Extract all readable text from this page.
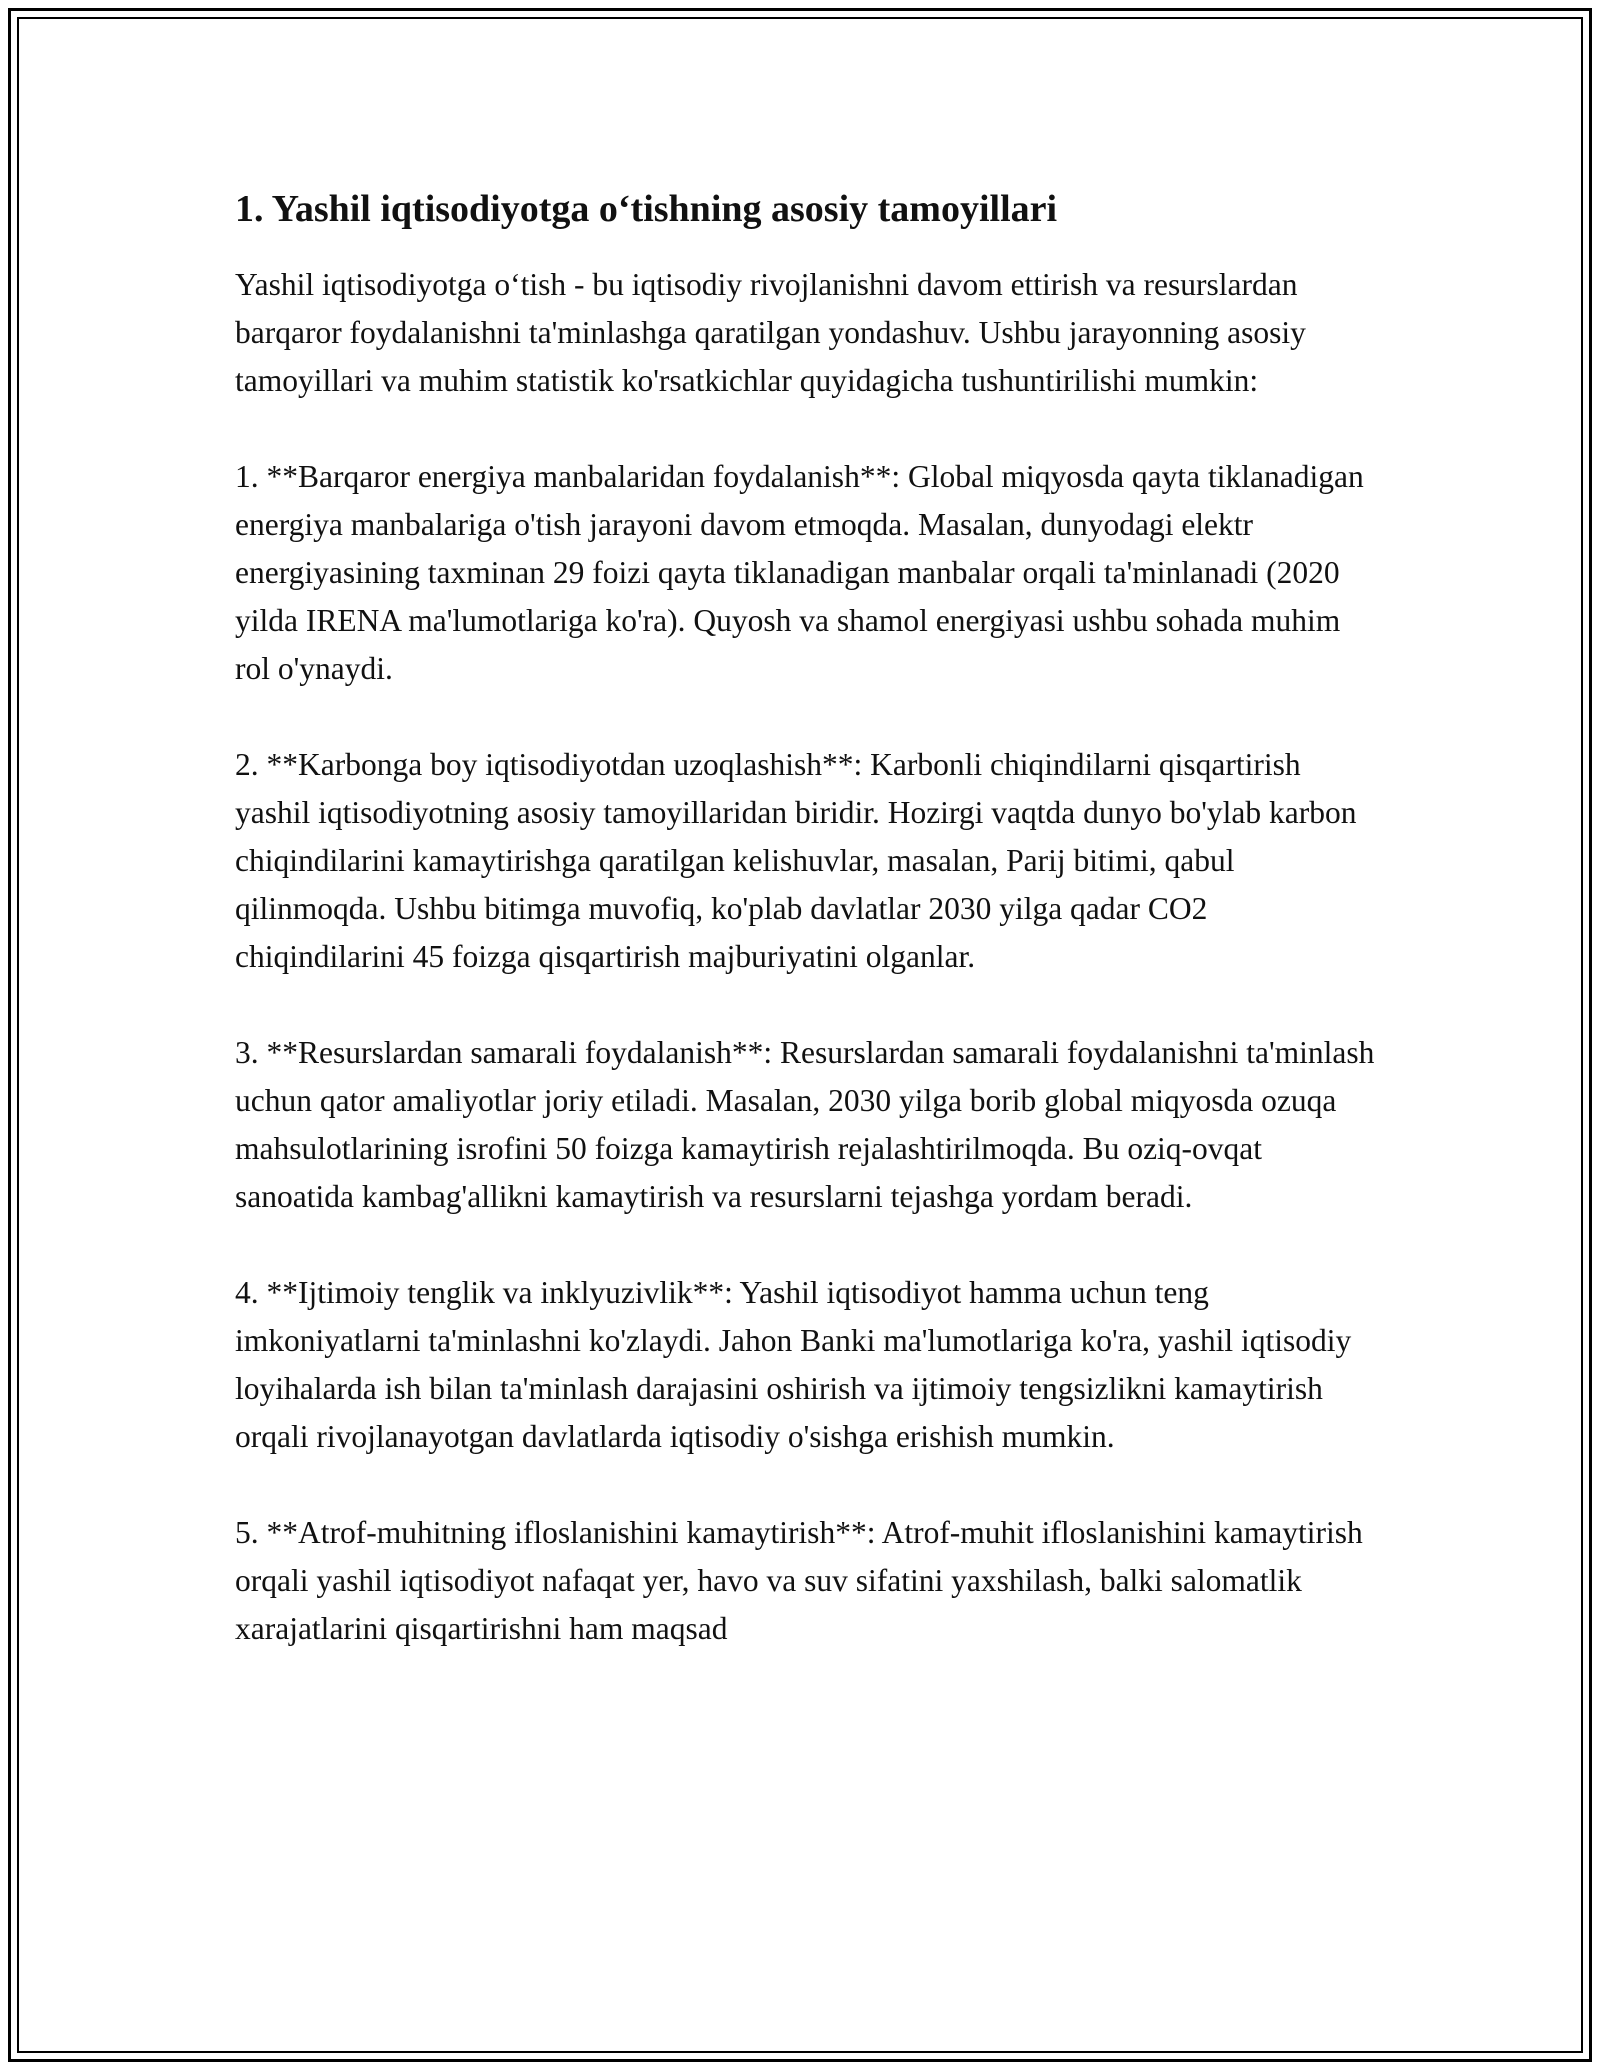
1. Yashil iqtisodiyotga o‘tishning asosiy tamoyillari

Yashil iqtisodiyotga o‘tish - bu iqtisodiy rivojlanishni davom ettirish va resurslardan barqaror foydalanishni ta'minlashga qaratilgan yondashuv. Ushbu jarayonning asosiy tamoyillari va muhim statistik ko'rsatkichlar quyidagicha tushuntirilishi mumkin:

1. **Barqaror energiya manbalaridan foydalanish**: Global miqyosda qayta tiklanadigan energiya manbalariga o'tish jarayoni davom etmoqda. Masalan, dunyodagi elektr energiyasining taxminan 29 foizi qayta tiklanadigan manbalar orqali ta'minlanadi (2020 yilda IRENA ma'lumotlariga ko'ra). Quyosh va shamol energiyasi ushbu sohada muhim rol o'ynaydi.

2. **Karbonga boy iqtisodiyotdan uzoqlashish**: Karbonli chiqindilarni qisqartirish yashil iqtisodiyotning asosiy tamoyillaridan biridir. Hozirgi vaqtda dunyo bo'ylab karbon chiqindilarini kamaytirishga qaratilgan kelishuvlar, masalan, Parij bitimi, qabul qilinmoqda. Ushbu bitimga muvofiq, ko'plab davlatlar 2030 yilga qadar CO2 chiqindilarini 45 foizga qisqartirish majburiyatini olganlar.

3. **Resurslardan samarali foydalanish**: Resurslardan samarali foydalanishni ta'minlash uchun qator amaliyotlar joriy etiladi. Masalan, 2030 yilga borib global miqyosda ozuqa mahsulotlarining isrofini 50 foizga kamaytirish rejalashtirilmoqda. Bu oziq-ovqat sanoatida kambag'allikni kamaytirish va resurslarni tejashga yordam beradi.

4. **Ijtimoiy tenglik va inklyuzivlik**: Yashil iqtisodiyot hamma uchun teng imkoniyatlarni ta'minlashni ko'zlaydi. Jahon Banki ma'lumotlariga ko'ra, yashil iqtisodiy loyihalarda ish bilan ta'minlash darajasini oshirish va ijtimoiy tengsizlikni kamaytirish orqali rivojlanayotgan davlatlarda iqtisodiy o'sishga erishish mumkin.

5. **Atrof-muhitning ifloslanishini kamaytirish**: Atrof-muhit ifloslanishini kamaytirish orqali yashil iqtisodiyot nafaqat yer, havo va suv sifatini yaxshilash, balki salomatlik xarajatlarini qisqartirishni ham maqsad
